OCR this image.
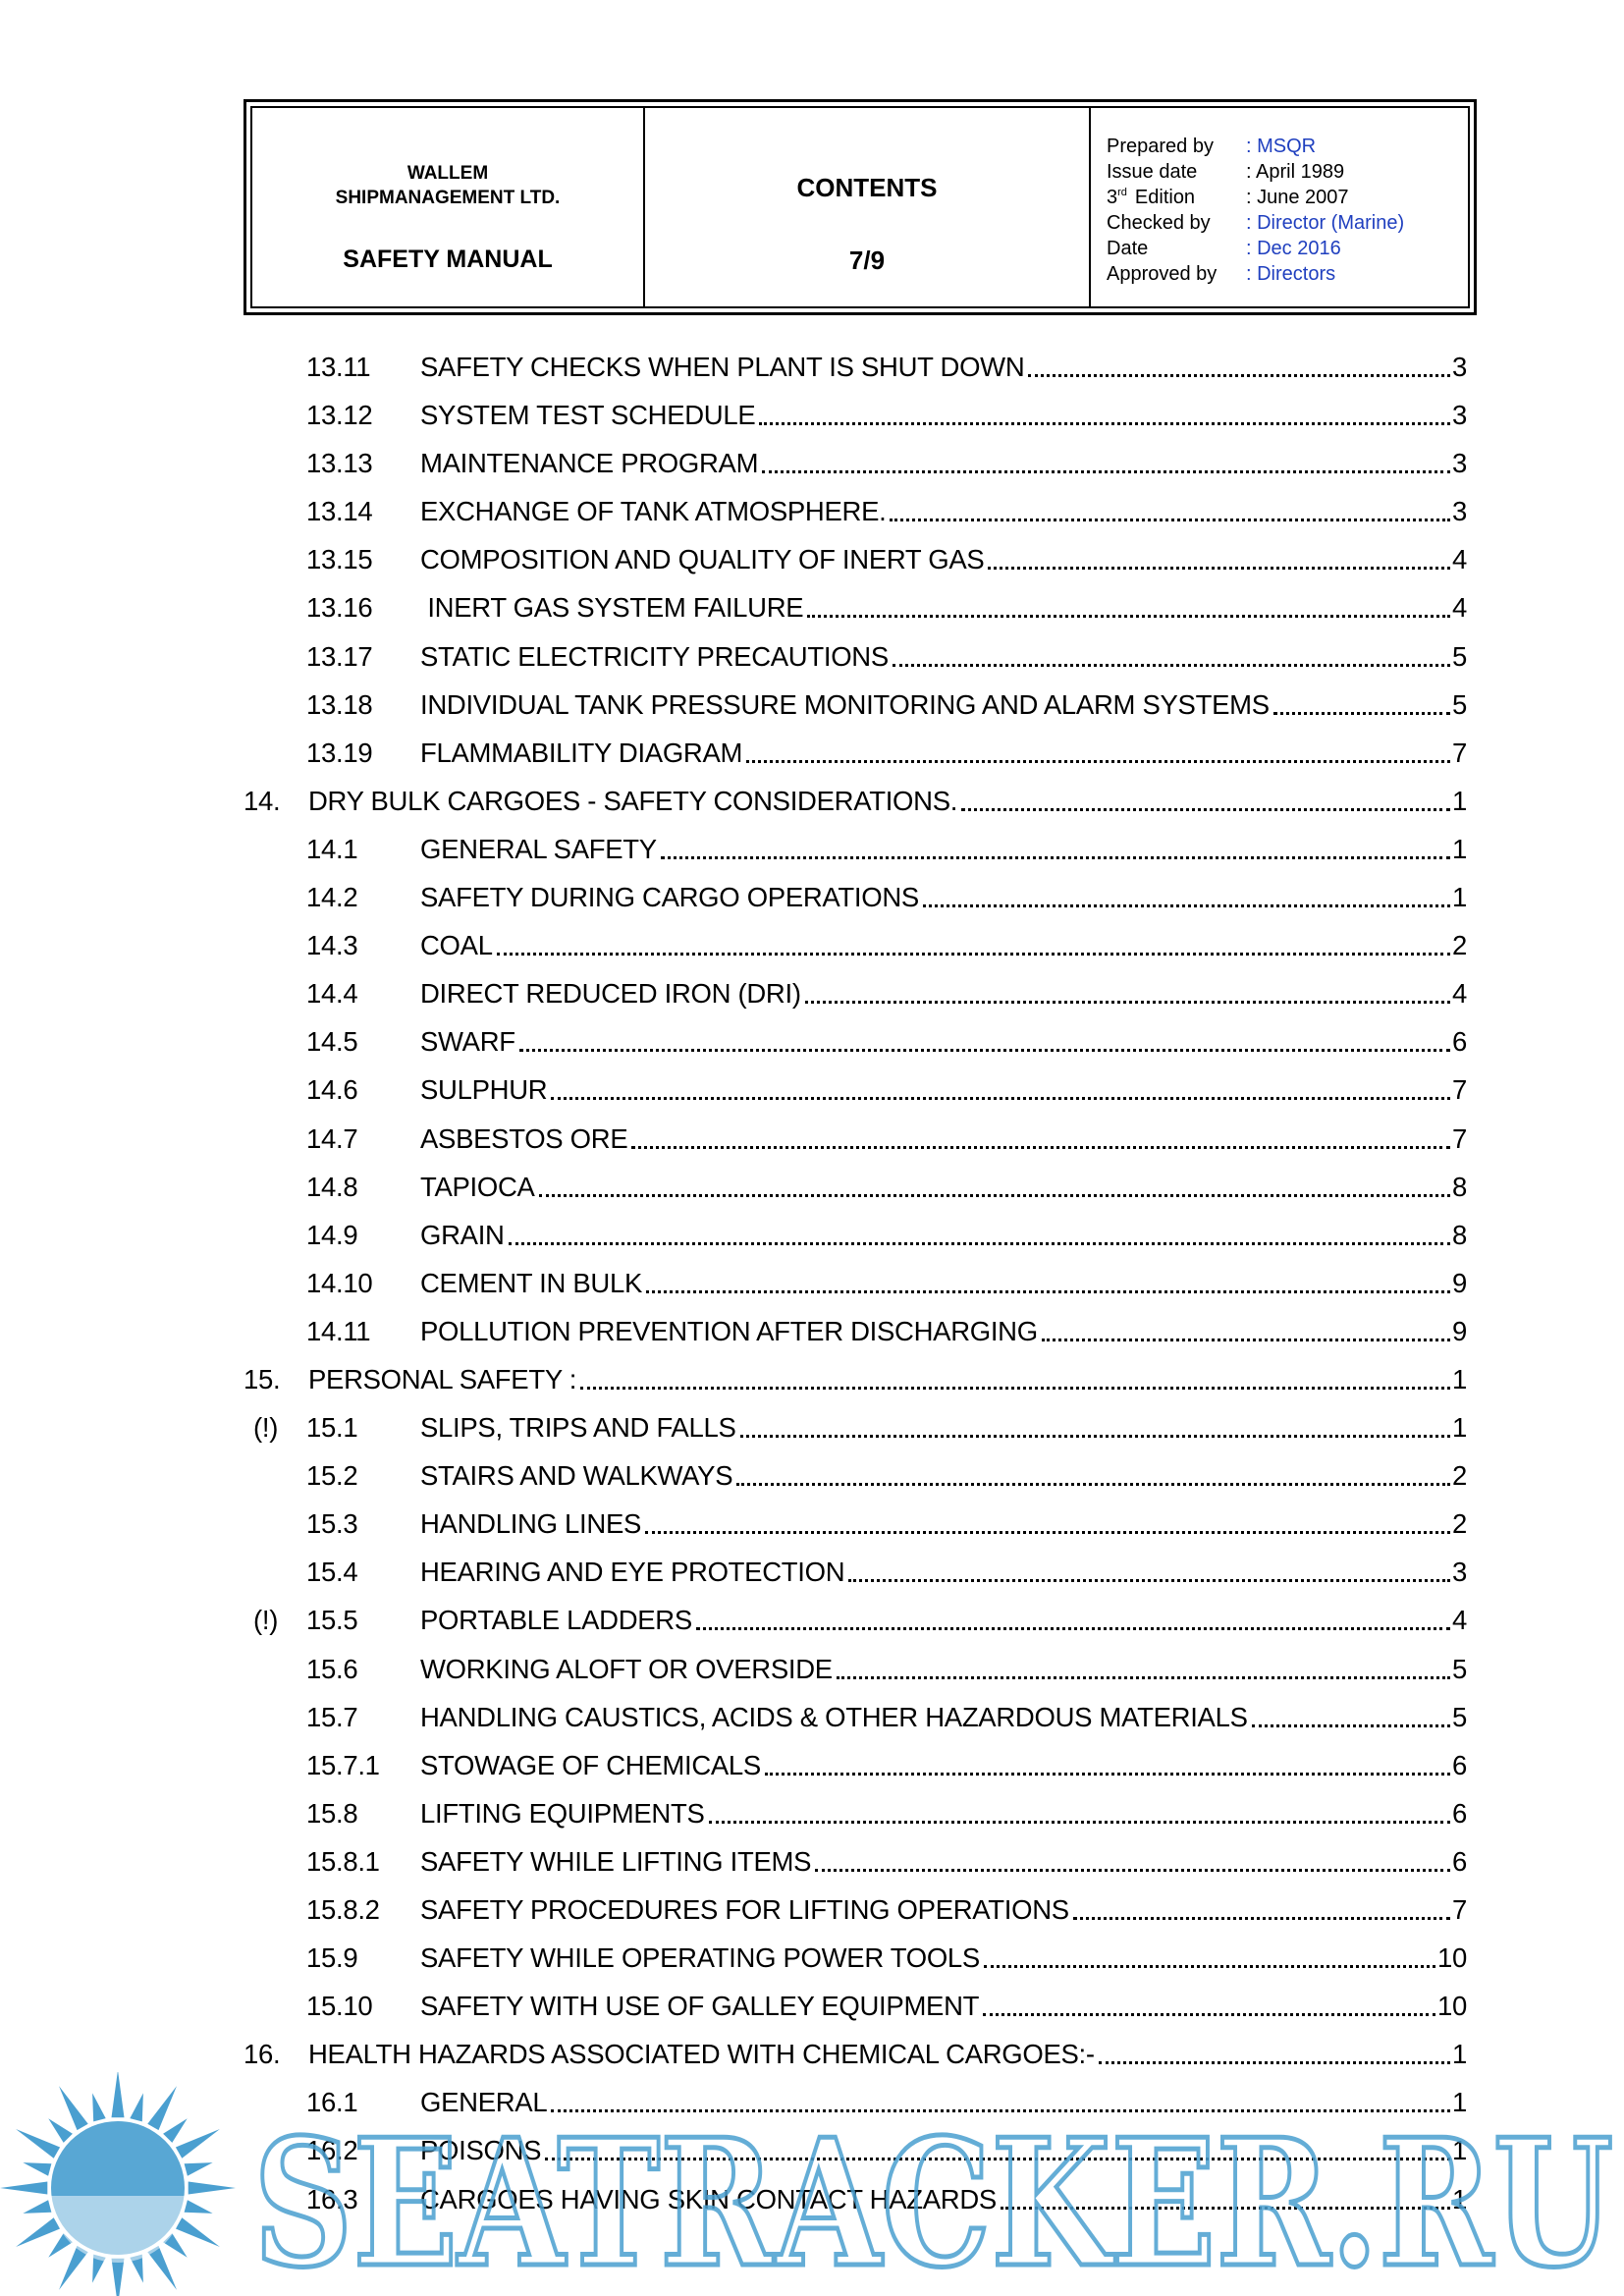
WALLEM
SHIPMANAGEMENT LTD.
SAFETY MANUAL
CONTENTS
7/9
Prepared by	: MSQR
Issue date	: April 1989
3rd Edition	: June 2007
Checked by	: Director (Marine)
Date	: Dec 2016
Approved by	: Directors
13.11 SAFETY CHECKS WHEN PLANT IS SHUT DOWN	3
13.12 SYSTEM TEST SCHEDULE	3
13.13 MAINTENANCE PROGRAM	3
13.14 EXCHANGE OF TANK ATMOSPHERE.	3
13.15 COMPOSITION AND QUALITY OF INERT GAS	4
13.16 INERT GAS SYSTEM FAILURE	4
13.17 STATIC ELECTRICITY PRECAUTIONS	5
13.18 INDIVIDUAL TANK PRESSURE MONITORING AND ALARM SYSTEMS	5
13.19 FLAMMABILITY DIAGRAM	7
14. DRY BULK CARGOES - SAFETY CONSIDERATIONS.	1
14.1 GENERAL SAFETY	1
14.2 SAFETY DURING CARGO OPERATIONS	1
14.3 COAL	2
14.4 DIRECT REDUCED IRON (DRI)	4
14.5 SWARF	6
14.6 SULPHUR	7
14.7 ASBESTOS ORE	7
14.8 TAPIOCA	8
14.9 GRAIN	8
14.10 CEMENT IN BULK	9
14.11 POLLUTION PREVENTION AFTER DISCHARGING	9
15. PERSONAL SAFETY :	1
(!) 15.1 SLIPS, TRIPS AND FALLS	1
15.2 STAIRS AND WALKWAYS	2
15.3 HANDLING LINES	2
15.4 HEARING AND EYE PROTECTION	3
(!) 15.5 PORTABLE LADDERS	4
15.6 WORKING ALOFT OR OVERSIDE	5
15.7 HANDLING CAUSTICS, ACIDS & OTHER HAZARDOUS MATERIALS	5
15.7.1 STOWAGE OF CHEMICALS	6
15.8 LIFTING EQUIPMENTS	6
15.8.1 SAFETY WHILE LIFTING ITEMS	6
15.8.2 SAFETY PROCEDURES FOR LIFTING OPERATIONS	7
15.9 SAFETY WHILE OPERATING POWER TOOLS	10
15.10 SAFETY WITH USE OF GALLEY EQUIPMENT	10
16. HEALTH HAZARDS ASSOCIATED WITH CHEMICAL CARGOES:-	1
16.1 GENERAL	1
16.2 POISONS	1
16.3 CARGOES HAVING SKIN CONTACT HAZARDS	1
SEATRACKER.RU
